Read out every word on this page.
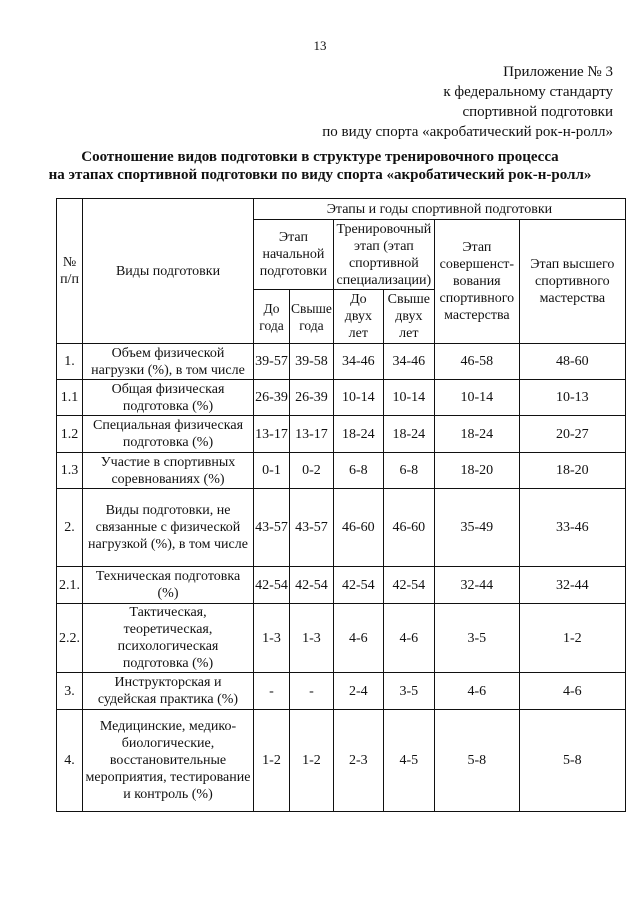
13
Приложение № 3
к федеральному стандарту
спортивной подготовки
по виду спорта «акробатический рок-н-ролл»
Соотношение видов подготовки в структуре тренировочного процесса
на этапах спортивной подготовки по виду спорта «акробатический рок-н-ролл»
№ п/п	Виды подготовки	Этапы и годы спортивной подготовки					
		Этап начальной подготовки		Тренировочный этап (этап спортивной специализации)		Этап совершенст-вования спортивного мастерства	Этап высшего спортивного мастерства
		До года	Свыше года	До двух лет	Свыше двух лет		
1.	Объем физической нагрузки (%), в том числе	39-57	39-58	34-46	34-46	46-58	48-60
1.1	Общая физическая подготовка (%)	26-39	26-39	10-14	10-14	10-14	10-13
1.2	Специальная физическая подготовка (%)	13-17	13-17	18-24	18-24	18-24	20-27
1.3	Участие в спортивных соревнованиях (%)	0-1	0-2	6-8	6-8	18-20	18-20
2.	Виды подготовки, не связанные с физической нагрузкой (%), в том числе	43-57	43-57	46-60	46-60	35-49	33-46
2.1.	Техническая подготовка (%)	42-54	42-54	42-54	42-54	32-44	32-44
2.2.	Тактическая, теоретическая, психологическая подготовка (%)	1-3	1-3	4-6	4-6	3-5	1-2
3.	Инструкторская и судейская практика (%)	-	-	2-4	3-5	4-6	4-6
4.	Медицинские, медико-биологические, восстановительные мероприятия, тестирование и контроль (%)	1-2	1-2	2-3	4-5	5-8	5-8
